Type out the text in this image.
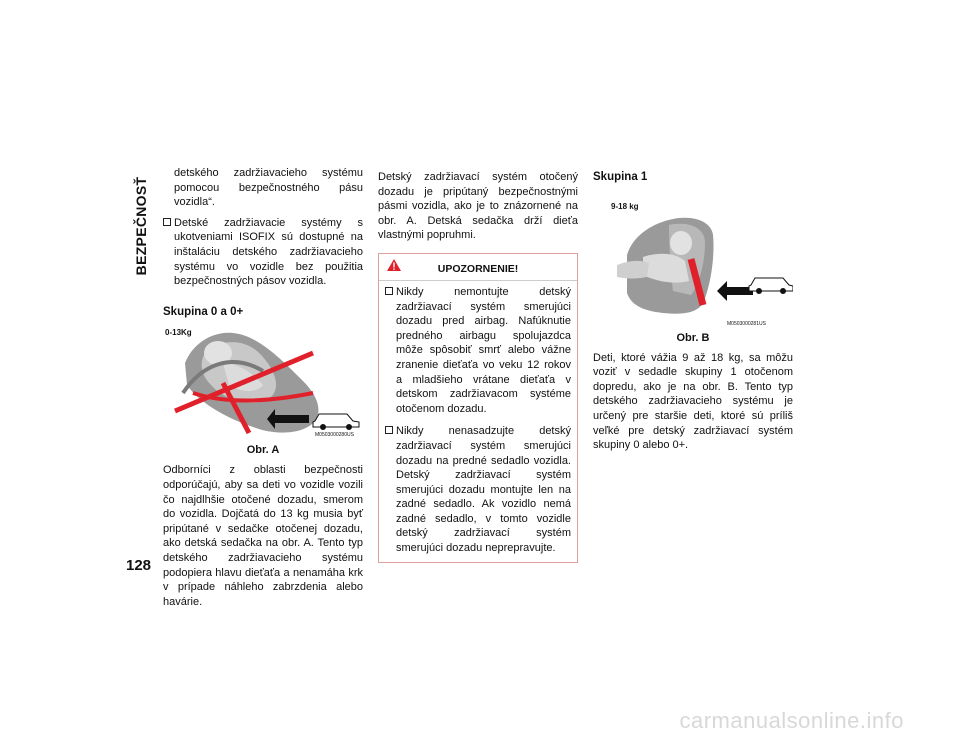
BEZPEČNOSŤ

detského zadržiavacieho systému pomocou bezpečnostného pásu vozidla“.

Detské zadržiavacie systémy s ukotveniami ISOFIX sú dostupné na inštaláciu detského zadržiavacieho systému vo vozidle bez použitia bezpečnostných pásov vozidla.
Skupina 0 a 0+
0-13Kg
M0503000280US
Obr. A

Odborníci z oblasti bezpečnosti odporúčajú, aby sa deti vo vozidle vozili čo najdlhšie otočené dozadu, smerom do vozidla. Dojčatá do 13 kg musia byť pripútané v sedačke otočenej dozadu, ako detská sedačka na obr. A. Tento typ detského zadržiavacieho systému podopiera hlavu dieťaťa a nenamáha krk v prípade náhleho zabrzdenia alebo havárie.

Detský zadržiavací systém otočený dozadu je pripútaný bezpečnostnými pásmi vozidla, ako je to znázornené na obr. A. Detská sedačka drží dieťa vlastnými popruhmi.

UPOZORNENIE!
Nikdy nemontujte detský zadržiavací systém smerujúci dozadu pred airbag. Nafúknutie predného airbagu spolujazdca môže spôsobiť smrť alebo vážne zranenie dieťaťa vo veku 12 rokov a mladšieho vrátane dieťaťa v detskom zadržiavacom systéme otočenom dozadu.
Nikdy nenasadzujte detský zadržiavací systém smerujúci dozadu na predné sedadlo vozidla. Detský zadržiavací systém smerujúci dozadu montujte len na zadné sedadlo. Ak vozidlo nemá zadné sedadlo, v tomto vozidle detský zadržiavací systém smerujúci dozadu neprepravujte.
Skupina 1
9-18 kg
M0503000281US
Obr. B

Deti, ktoré vážia 9 až 18 kg, sa môžu voziť v sedadle skupiny 1 otočenom dopredu, ako je na obr. B. Tento typ detského zadržiavacieho systému je určený pre staršie deti, ktoré sú príliš veľké pre detský zadržiavací systém skupiny 0 alebo 0+.

128
carmanualsonline.info
